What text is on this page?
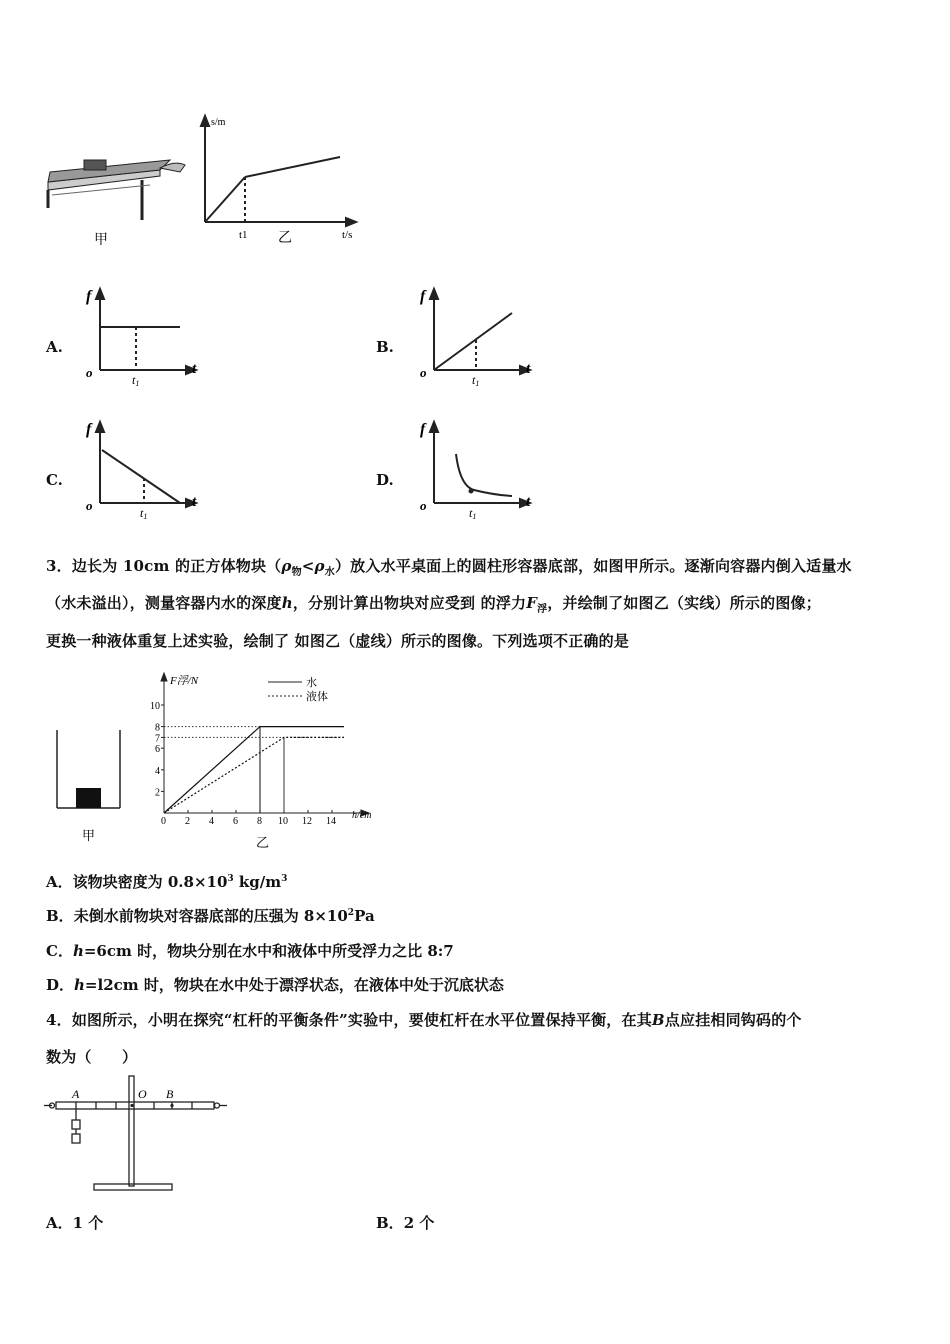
甲
s/m
t/s
t1 乙
A.
f
o	t
t1
B.
f
o	t
t1
C.
f
o	t
t1
D.
f
o	t
t1
3．边长为 10cm 的正方体物块$(\rho_物<\rho_水)$放入水平桌面上的圆柱形容器底部，如图甲所示。逐渐向容器内倒入适量水
（水未溢出），测量容器内水的深度h，分别计算出物块对应受到 的浮力$F_浮$，并绘制了如图乙（实线）所示的图像；
更换一种液体重复上述实验，绘制了 如图乙（虚线）所示的图像。下列选项不正确的是
甲
0 2 4 6 8 10 12 14
2
4
6
7
8
10
F浮/N
h/cm
水
液体
乙
A．该物块密度为 $0.8\times 10^3$ $kg/m^3$
B．未倒水前物块对容器底部的压强为 $8\times 10^2Pa$
C．h=6cm 时，物块分别在水中和液体中所受浮力之比 8:7
D．h=l2cm 时，物块在水中处于漂浮状态，在液体中处于沉底状态
4．如图所示，小明在探究“杠杆的平衡条件”实验中，要使杠杆在水平位置保持平衡，在其B点应挂相同钩码的个
数为（　　）
A	O B
A．1 个	B．2 个
